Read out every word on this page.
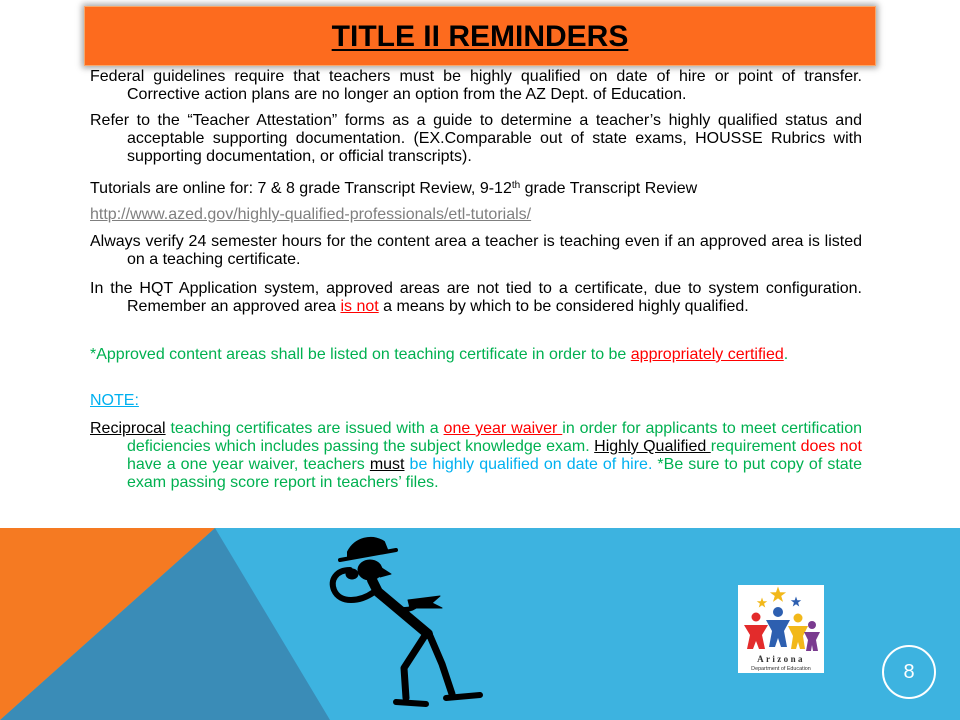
TITLE II REMINDERS
Federal guidelines require that teachers must be highly qualified on date of hire or point of transfer. Corrective action plans are no longer an option from the AZ Dept. of Education.
Refer to the “Teacher Attestation” forms as a guide to determine a teacher’s highly qualified status and acceptable supporting documentation. (EX.Comparable out of state exams, HOUSSE Rubrics with supporting documentation, or official transcripts).
Tutorials are online for: 7 & 8 grade Transcript Review, 9-12th grade Transcript Review
http://www.azed.gov/highly-qualified-professionals/etl-tutorials/
Always verify 24 semester hours for the content area a teacher is teaching even if an approved area is listed on a teaching certificate.
In the HQT Application system, approved areas are not tied to a certificate, due to system configuration. Remember an approved area is not a means by which to be considered highly qualified.
*Approved content areas shall be listed on teaching certificate in order to be appropriately certified.
NOTE:
Reciprocal teaching certificates are issued with a one year waiver in order for applicants to meet certification deficiencies which includes passing the subject knowledge exam. Highly Qualified requirement does not have a one year waiver, teachers must be highly qualified on date of hire. *Be sure to put copy of state exam passing score report in teachers’ files.
Arizona
Department of Education	8
